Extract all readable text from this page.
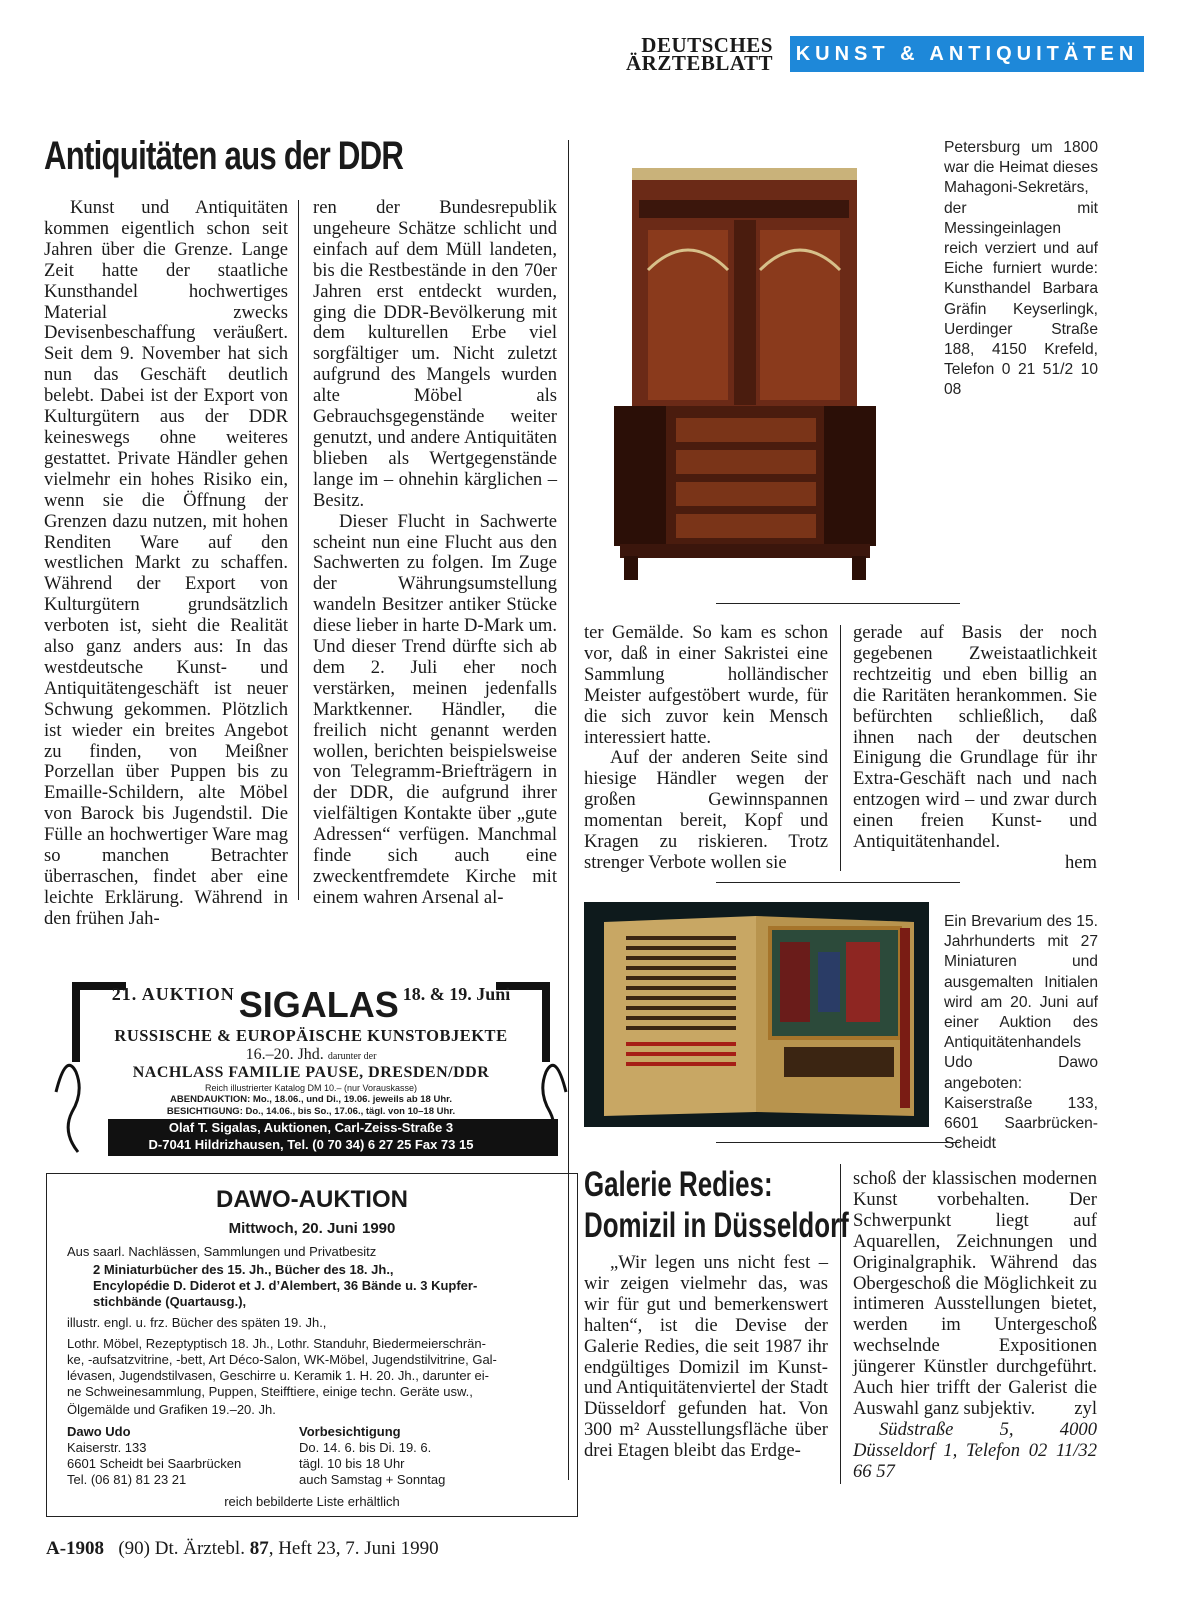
DEUTSCHES
ÄRZTEBLATT KUNST & ANTIQUITÄTEN
Antiquitäten aus der DDR

Kunst und Antiquitäten kommen eigentlich schon seit Jahren über die Grenze. Lange Zeit hatte der staatliche Kunsthandel hochwertiges Material zwecks Devisenbeschaffung veräußert. Seit dem 9. November hat sich nun das Geschäft deutlich belebt. Dabei ist der Export von Kulturgütern aus der DDR keineswegs ohne weiteres gestattet. Private Händler gehen vielmehr ein hohes Risiko ein, wenn sie die Öffnung der Grenzen dazu nutzen, mit hohen Renditen Ware auf den westlichen Markt zu schaffen. Während der Export von Kulturgütern grundsätzlich verboten ist, sieht die Realität also ganz anders aus: In das westdeutsche Kunst- und Antiquitätengeschäft ist neuer Schwung gekommen. Plötzlich ist wieder ein breites Angebot zu finden, von Meißner Porzellan über Puppen bis zu Emaille-Schildern, alte Möbel von Barock bis Jugendstil. Die Fülle an hochwertiger Ware mag so manchen Betrachter überraschen, findet aber eine leichte Erklärung. Während in den frühen Jah-

ren der Bundesrepublik ungeheure Schätze schlicht und einfach auf dem Müll landeten, bis die Restbestände in den 70er Jahren erst entdeckt wurden, ging die DDR-Bevölkerung mit dem kulturellen Erbe viel sorgfältiger um. Nicht zuletzt aufgrund des Mangels wurden alte Möbel als Gebrauchsgegenstände weiter genutzt, und andere Antiquitäten blieben als Wertgegenstände lange im – ohnehin kärglichen – Besitz.

Dieser Flucht in Sachwerte scheint nun eine Flucht aus den Sachwerten zu folgen. Im Zuge der Währungsumstellung wandeln Besitzer antiker Stücke diese lieber in harte D-Mark um. Und dieser Trend dürfte sich ab dem 2. Juli eher noch verstärken, meinen jedenfalls Marktkenner. Händler, die freilich nicht genannt werden wollen, berichten beispielsweise von Telegramm-Briefträgern in der DDR, die aufgrund ihrer vielfältigen Kontakte über „gute Adressen“ verfügen. Manchmal finde sich auch eine zweckentfremdete Kirche mit einem wahren Arsenal al-

Petersburg um 1800 war die Heimat dieses Mahagoni-Sekretärs, der mit Messingeinlagen reich verziert und auf Eiche furniert wurde: Kunsthandel Barbara Gräfin Keyserlingk, Uerdinger Straße 188, 4150 Krefeld, Telefon 0 21 51/2 10 08

ter Gemälde. So kam es schon vor, daß in einer Sakristei eine Sammlung holländischer Meister aufgestöbert wurde, für die sich zuvor kein Mensch interessiert hatte.

Auf der anderen Seite sind hiesige Händler wegen der großen Gewinnspannen momentan bereit, Kopf und Kragen zu riskieren. Trotz strenger Verbote wollen sie

gerade auf Basis der noch gegebenen Zweistaatlichkeit rechtzeitig und eben billig an die Raritäten herankommen. Sie befürchten schließlich, daß ihnen nach der deutschen Einigung die Grundlage für ihr Extra-Geschäft nach und nach entzogen wird – und zwar durch einen freien Kunst- und Antiquitätenhandel.

hem
Ein Brevarium des 15. Jahrhunderts mit 27 Miniaturen und ausgemalten Initialen wird am 20. Juni auf einer Auktion des Antiquitätenhandels Udo Dawo angeboten: Kaiserstraße 133, 6601 Saarbrücken-Scheidt
21. AUKTION SIGALAS 18. & 19. Juni
RUSSISCHE & EUROPÄISCHE KUNSTOBJEKTE
16.–20. Jhd. darunter der
NACHLASS FAMILIE PAUSE, DRESDEN/DDR
Reich illustrierter Katalog DM 10.– (nur Vorauskasse)
ABENDAUKTION: Mo., 18.06., und Di., 19.06. jeweils ab 18 Uhr.
BESICHTIGUNG: Do., 14.06., bis So., 17.06., tägl. von 10–18 Uhr.
Olaf T. Sigalas, Auktionen, Carl-Zeiss-Straße 3
D-7041 Hildrizhausen, Tel. (0 70 34) 6 27 25 Fax 73 15
DAWO-AUKTION
Mittwoch, 20. Juni 1990
Aus saarl. Nachlässen, Sammlungen und Privatbesitz
2 Miniaturbücher des 15. Jh., Bücher des 18. Jh.,
Encylopédie D. Diderot et J. d’Alembert, 36 Bände u. 3 Kupfer-
stichbände (Quartausg.),
illustr. engl. u. frz. Bücher des späten 19. Jh.,
Lothr. Möbel, Rezeptурtisch 18. Jh., Lothr. Standuhr, Biedermeierschrän-
ke, -aufsatzvitrine, -bett, Art Déco-Salon, WK-Möbel, Jugendstilvitrine, Gal-
lévasen, Jugendstilvasen, Geschirre u. Keramik 1. H. 20. Jh., darunter ei-
ne Schweinesammlung, Puppen, Steifftiere, einige techn. Geräte usw.,
Ölgemälde und Grafiken 19.–20. Jh.
Dawo Udo
Kaiserstr. 133
6601 Scheidt bei Saarbrücken
Tel. (06 81) 81 23 21
Vorbesichtigung
Do. 14. 6. bis Di. 19. 6.
tägl. 10 bis 18 Uhr
auch Samstag + Sonntag
reich bebilderte Liste erhältlich
Galerie Redies:
Domizil in Düsseldorf

„Wir legen uns nicht fest – wir zeigen vielmehr das, was wir für gut und bemerkenswert halten“, ist die Devise der Galerie Redies, die seit 1987 ihr endgültiges Domizil im Kunst- und Antiquitätenviertel der Stadt Düsseldorf gefunden hat. Von 300 m² Ausstellungsfläche über drei Etagen bleibt das Erdge-

schoß der klassischen modernen Kunst vorbehalten. Der Schwerpunkt liegt auf Aquarellen, Zeichnungen und Originalgraphik. Während das Obergeschoß die Möglichkeit zu intimeren Ausstellungen bietet, werden im Untergeschoß wechselnde Expositionen jüngerer Künstler durchgeführt. Auch hier trifft der Galerist die Auswahl ganz subjektiv.	zyl
Südstraße 5, 4000 Düsseldorf 1, Telefon 02 11/32 66 57
A-1908 (90) Dt. Ärztebl. 87, Heft 23, 7. Juni 1990
